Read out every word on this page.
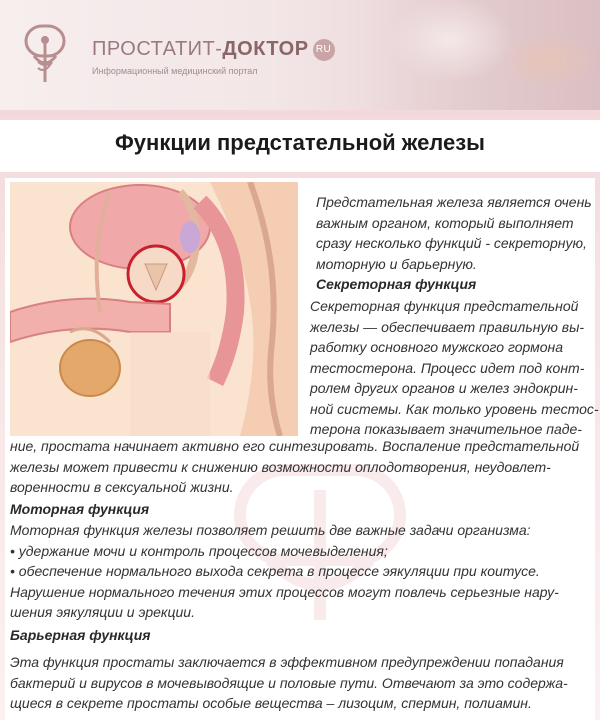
ПРОСТАТИТ-ДОКТОР RU
Информационный медицинский портал
Функции предстательной железы
Предстательная железа является очень
важным органом, который выполняет
сразу несколько функций - секреторную,
моторную и барьерную.
Секреторная функция
Секреторная функция предстательной
железы — обеспечивает правильную вы-
работку основного мужского гормона
тестостерона. Процесс идет под конт-
ролем других органов и желез эндокрин-
ной системы. Как только уровень тестос-
терона показывает значительное паде-
ние, простата начинает активно его синтезировать. Воспаление предстательной
железы может привести к снижению возможности оплодотворения, неудовлет-
воренности в сексуальной жизни.
Моторная функция
Моторная функция железы позволяет решить две важные задачи организма:
• удержание мочи и контроль процессов мочевыделения;
• обеспечение нормального выхода секрета в процессе эякуляции при коитусе.
Нарушение нормального течения этих процессов могут повлечь серьезные нару-
шения эякуляции и эрекции.
Барьерная функция
Эта функция простаты заключается в эффективном предупреждении попадания
бактерий и вирусов в мочевыводящие и половые пути. Отвечают за это содержа-
щиеся в секрете простаты особые вещества – лизоцим, спермин, полиамин.
